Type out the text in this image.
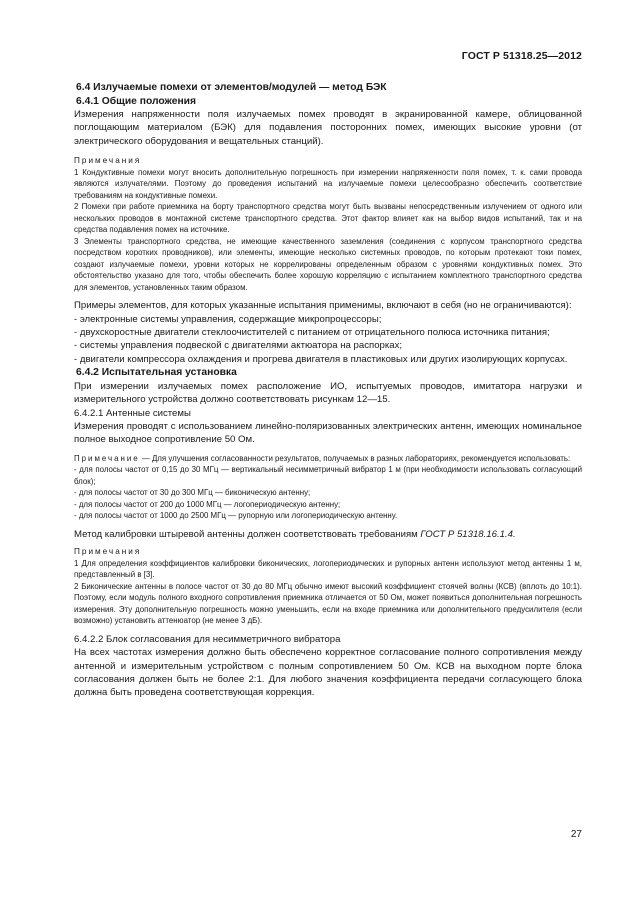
ГОСТ Р 51318.25—2012
6.4 Излучаемые помехи от элементов/модулей — метод БЭК
6.4.1 Общие положения
Измерения напряженности поля излучаемых помех проводят в экранированной камере, облицованной поглощающим материалом (БЭК) для подавления посторонних помех, имеющих высокие уровни (от электрического оборудования и вещательных станций).
Примечания
1 Кондуктивные помехи могут вносить дополнительную погрешность при измерении напряженности поля помех, т. к. сами провода являются излучателями. Поэтому до проведения испытаний на излучаемые помехи целесообразно обеспечить соответствие требованиям на кондуктивные помехи.
2 Помехи при работе приемника на борту транспортного средства могут быть вызваны непосредственным излучением от одного или нескольких проводов в монтажной системе транспортного средства. Этот фактор влияет как на выбор видов испытаний, так и на средства подавления помех на источнике.
3 Элементы транспортного средства, не имеющие качественного заземления (соединения с корпусом транспортного средства посредством коротких проводников), или элементы, имеющие несколько системных проводов, по которым протекают токи помех, создают излучаемые помехи, уровни которых не коррелированы определенным образом с уровнями кондуктивных помех. Это обстоятельство указано для того, чтобы обеспечить более хорошую корреляцию с испытанием комплектного транспортного средства для элементов, установленных таким образом.
Примеры элементов, для которых указанные испытания применимы, включают в себя (но не ограничиваются):
- электронные системы управления, содержащие микропроцессоры;
- двухскоростные двигатели стеклоочистителей с питанием от отрицательного полюса источника питания;
- системы управления подвеской с двигателями актюатора на распорках;
- двигатели компрессора охлаждения и прогрева двигателя в пластиковых или других изолирующих корпусах.
6.4.2 Испытательная установка
При измерении излучаемых помех расположение ИО, испытуемых проводов, имитатора нагрузки и измерительного устройства должно соответствовать рисункам 12—15.
6.4.2.1 Антенные системы
Измерения проводят с использованием линейно-поляризованных электрических антенн, имеющих номинальное полное выходное сопротивление 50 Ом.
Примечание — Для улучшения согласованности результатов, получаемых в разных лабораториях, рекомендуется использовать:
- для полосы частот от 0,15 до 30 МГц — вертикальный несимметричный вибратор 1 м (при необходимости использовать согласующий блок);
- для полосы частот от 30 до 300 МГц — биконическую антенну;
- для полосы частот от 200 до 1000 МГц — логопериодическую антенну;
- для полосы частот от 1000 до 2500 МГц — рупорную или логопериодическую антенну.
Метод калибровки штыревой антенны должен соответствовать требованиям ГОСТ Р 51318.16.1.4.
Примечания
1 Для определения коэффициентов калибровки биконических, логопериодических и рупорных антенн используют метод антенны 1 м, представленный в [3].
2 Биконические антенны в полосе частот от 30 до 80 МГц обычно имеют высокий коэффициент стоячей волны (КСВ) (вплоть до 10:1). Поэтому, если модуль полного входного сопротивления приемника отличается от 50 Ом, может появиться дополнительная погрешность измерения. Эту дополнительную погрешность можно уменьшить, если на входе приемника или дополнительного предусилителя (если возможно) установить аттенюатор (не менее 3 дБ).
6.4.2.2 Блок согласования для несимметричного вибратора
На всех частотах измерения должно быть обеспечено корректное согласование полного сопротивления между антенной и измерительным устройством с полным сопротивлением 50 Ом. КСВ на выходном порте блока согласования должен быть не более 2:1. Для любого значения коэффициента передачи согласующего блока должна быть проведена соответствующая коррекция.
27
